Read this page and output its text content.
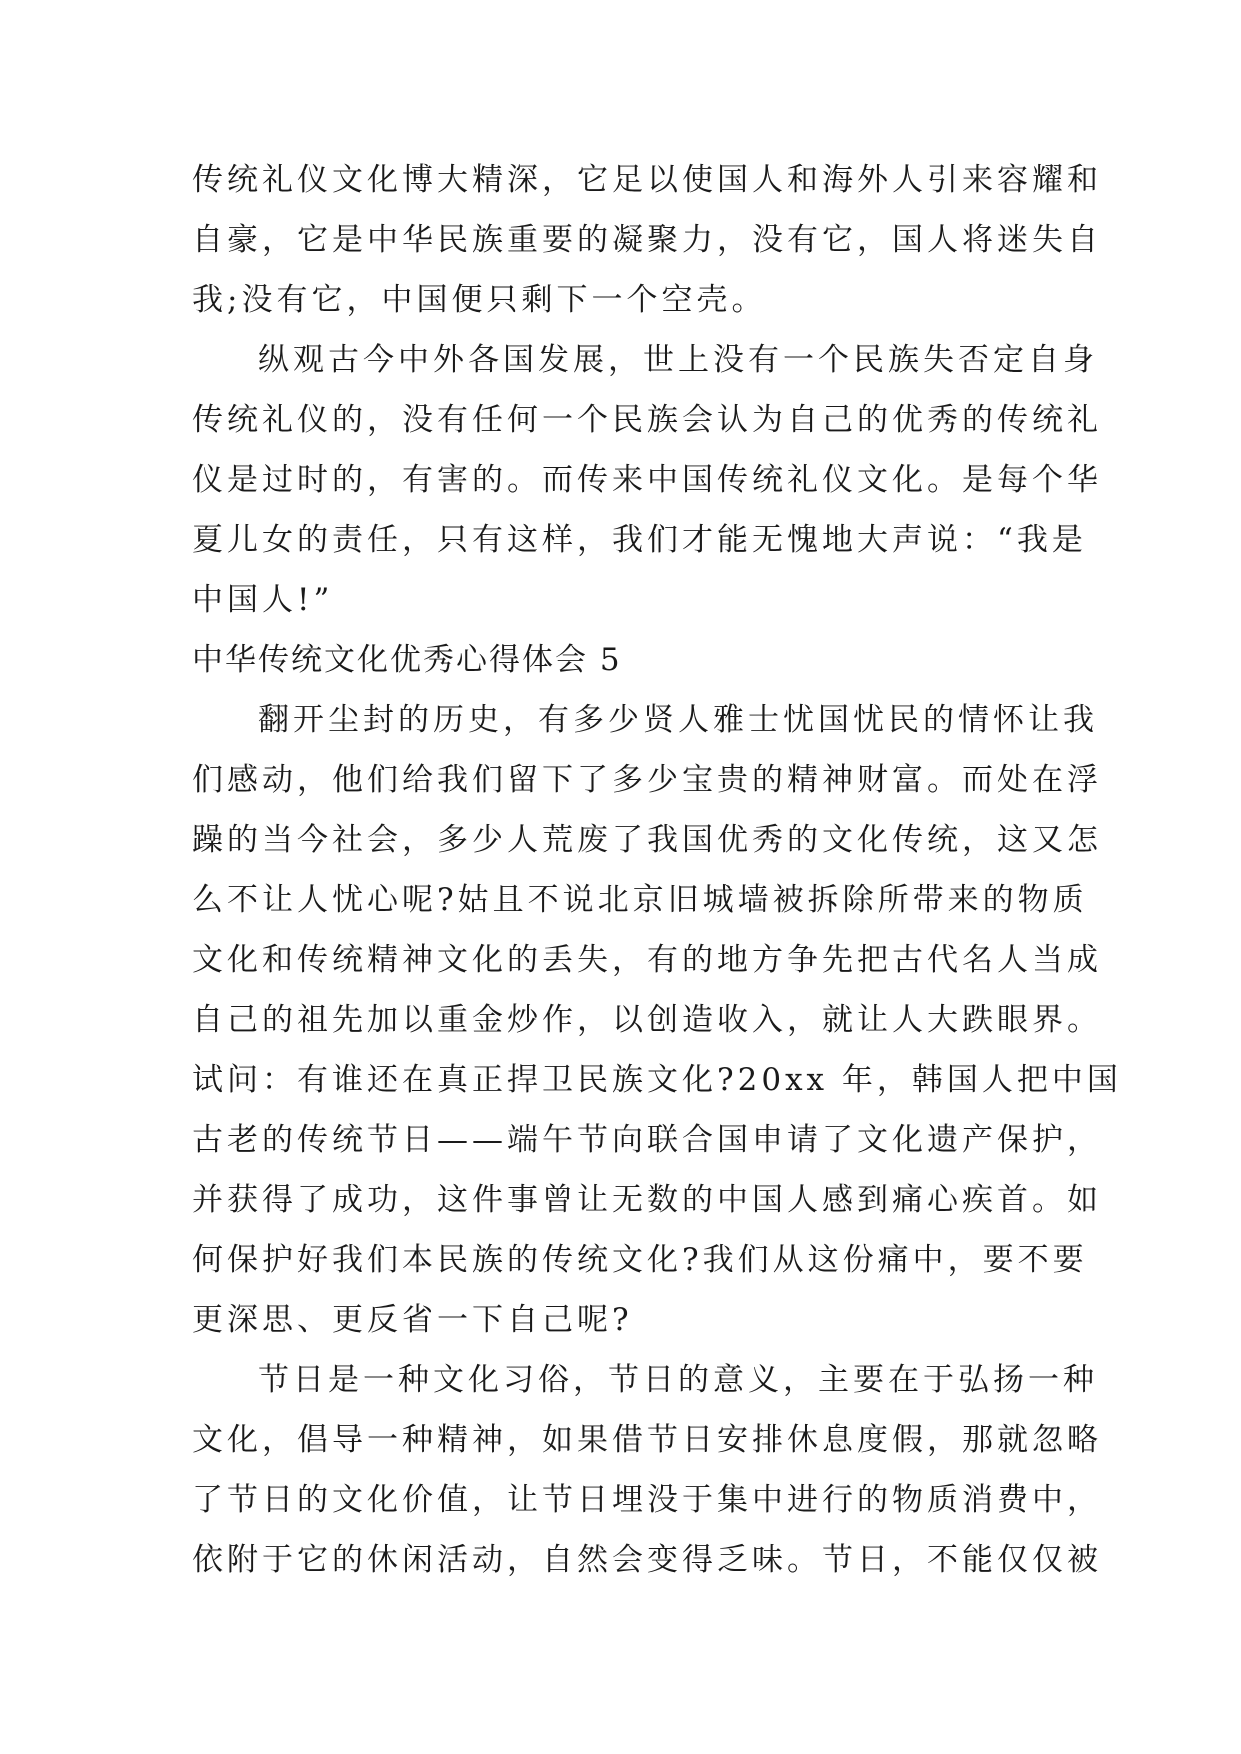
传统礼仪文化博大精深，它足以使国人和海外人引来容耀和
自豪，它是中华民族重要的凝聚力，没有它，国人将迷失自
我;没有它，中国便只剩下一个空壳。
纵观古今中外各国发展，世上没有一个民族失否定自身
传统礼仪的，没有任何一个民族会认为自己的优秀的传统礼
仪是过时的，有害的。而传来中国传统礼仪文化。是每个华
夏儿女的责任，只有这样，我们才能无愧地大声说：“我是
中国人!”
中华传统文化优秀心得体会 5
翻开尘封的历史，有多少贤人雅士忧国忧民的情怀让我
们感动，他们给我们留下了多少宝贵的精神财富。而处在浮
躁的当今社会，多少人荒废了我国优秀的文化传统，这又怎
么不让人忧心呢?姑且不说北京旧城墙被拆除所带来的物质
文化和传统精神文化的丢失，有的地方争先把古代名人当成
自己的祖先加以重金炒作，以创造收入，就让人大跌眼界。
试问：有谁还在真正捍卫民族文化?20xx 年，韩国人把中国
古老的传统节日——端午节向联合国申请了文化遗产保护，
并获得了成功，这件事曾让无数的中国人感到痛心疾首。如
何保护好我们本民族的传统文化?我们从这份痛中，要不要
更深思、更反省一下自己呢?
节日是一种文化习俗，节日的意义，主要在于弘扬一种
文化，倡导一种精神，如果借节日安排休息度假，那就忽略
了节日的文化价值，让节日埋没于集中进行的物质消费中，
依附于它的休闲活动，自然会变得乏味。节日，不能仅仅被
